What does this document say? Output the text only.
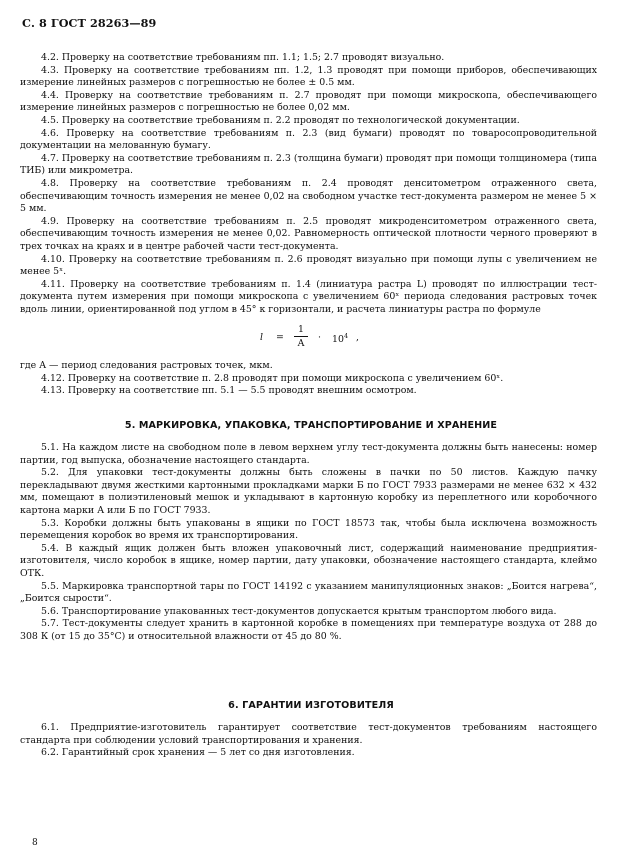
С. 8 ГОСТ 28263—89

4.2. Проверку на соответствие требованиям пп. 1.1; 1.5; 2.7 проводят визуально.

4.3. Проверку на соответствие требованиям пп. 1.2, 1.3 проводят при помощи приборов, обеспечивающих измерение линейных размеров с погрешностью не более ± 0.5 мм.

4.4. Проверку на соответствие требованиям п. 2.7 проводят при помощи микроскопа, обеспечивающего измерение линейных размеров с погрешностью не более 0,02 мм.

4.5. Проверку на соответствие требованиям п. 2.2 проводят по технологической документации.

4.6. Проверку на соответствие требованиям п. 2.3 (вид бумаги) проводят по товаросопроводительной документации на мелованную бумагу.

4.7. Проверку на соответствие требованиям п. 2.3 (толщина бумаги) проводят при помощи толщиномера (типа ТИБ) или микрометра.

4.8. Проверку на соответствие требованиям п. 2.4 проводят денситометром отраженного света, обеспечивающим точность измерения не менее 0,02 на свободном участке тест-документа размером не менее 5 × 5 мм.

4.9. Проверку на соответствие требованиям п. 2.5 проводят микроденситометром отраженного света, обеспечивающим точность измерения не менее 0,02. Равномерность оптической плотности черного проверяют в трех точках на краях и в центре рабочей части тест-документа.

4.10. Проверку на соответствие требованиям п. 2.6 проводят визуально при помощи лупы с увеличением не менее 5ˣ.

4.11. Проверку на соответствие требованиям п. 1.4 (линиатура растра L) проводят по иллюстрации тест-документа путем измерения при помощи микроскопа с увеличением 60ˣ периода следования растровых точек вдоль линии, ориентированной под углом в 45° к горизонтали, и расчета линиатуры растра по формуле

l =
1
A
· $10^4$ ,

где A — период следования растровых точек, мкм.

4.12. Проверку на соответствие п. 2.8 проводят при помощи микроскопа с увеличением 60ˣ.

4.13. Проверку на соответствие пп. 5.1 — 5.5 проводят внешним осмотром.

5. МАРКИРОВКА, УПАКОВКА, ТРАНСПОРТИРОВАНИЕ И ХРАНЕНИЕ

5.1. На каждом листе на свободном поле в левом верхнем углу тест-документа должны быть нанесены: номер партии, год выпуска, обозначение настоящего стандарта.

5.2. Для упаковки тест-документы должны быть сложены в пачки по 50 листов. Каждую пачку перекладывают двумя жесткими картонными прокладками марки Б по ГОСТ 7933 размерами не менее 632 × 432 мм, помещают в полиэтиленовый мешок и укладывают в картонную коробку из переплетного или коробочного картона марки А или Б по ГОСТ 7933.

5.3. Коробки должны быть упакованы в ящики по ГОСТ 18573 так, чтобы была исключена возможность перемещения коробок во время их транспортирования.

5.4. В каждый ящик должен быть вложен упаковочный лист, содержащий наименование предприятия-изготовителя, число коробок в ящике, номер партии, дату упаковки, обозначение настоящего стандарта, клеймо ОТК.

5.5. Маркировка транспортной тары по ГОСТ 14192 с указанием манипуляционных знаков: „Боится нагрева“, „Боится сырости“.

5.6. Транспортирование упакованных тест-документов допускается крытым транспортом любого вида.

5.7. Тест-документы следует хранить в картонной коробке в помещениях при температуре воздуха от 288 до 308 К (от 15 до 35°С) и относительной влажности от 45 до 80 %.

6. ГАРАНТИИ ИЗГОТОВИТЕЛЯ

6.1. Предприятие-изготовитель гарантирует соответствие тест-документов требованиям настоящего стандарта при соблюдении условий транспортирования и хранения.

6.2. Гарантийный срок хранения — 5 лет со дня изготовления.

8
